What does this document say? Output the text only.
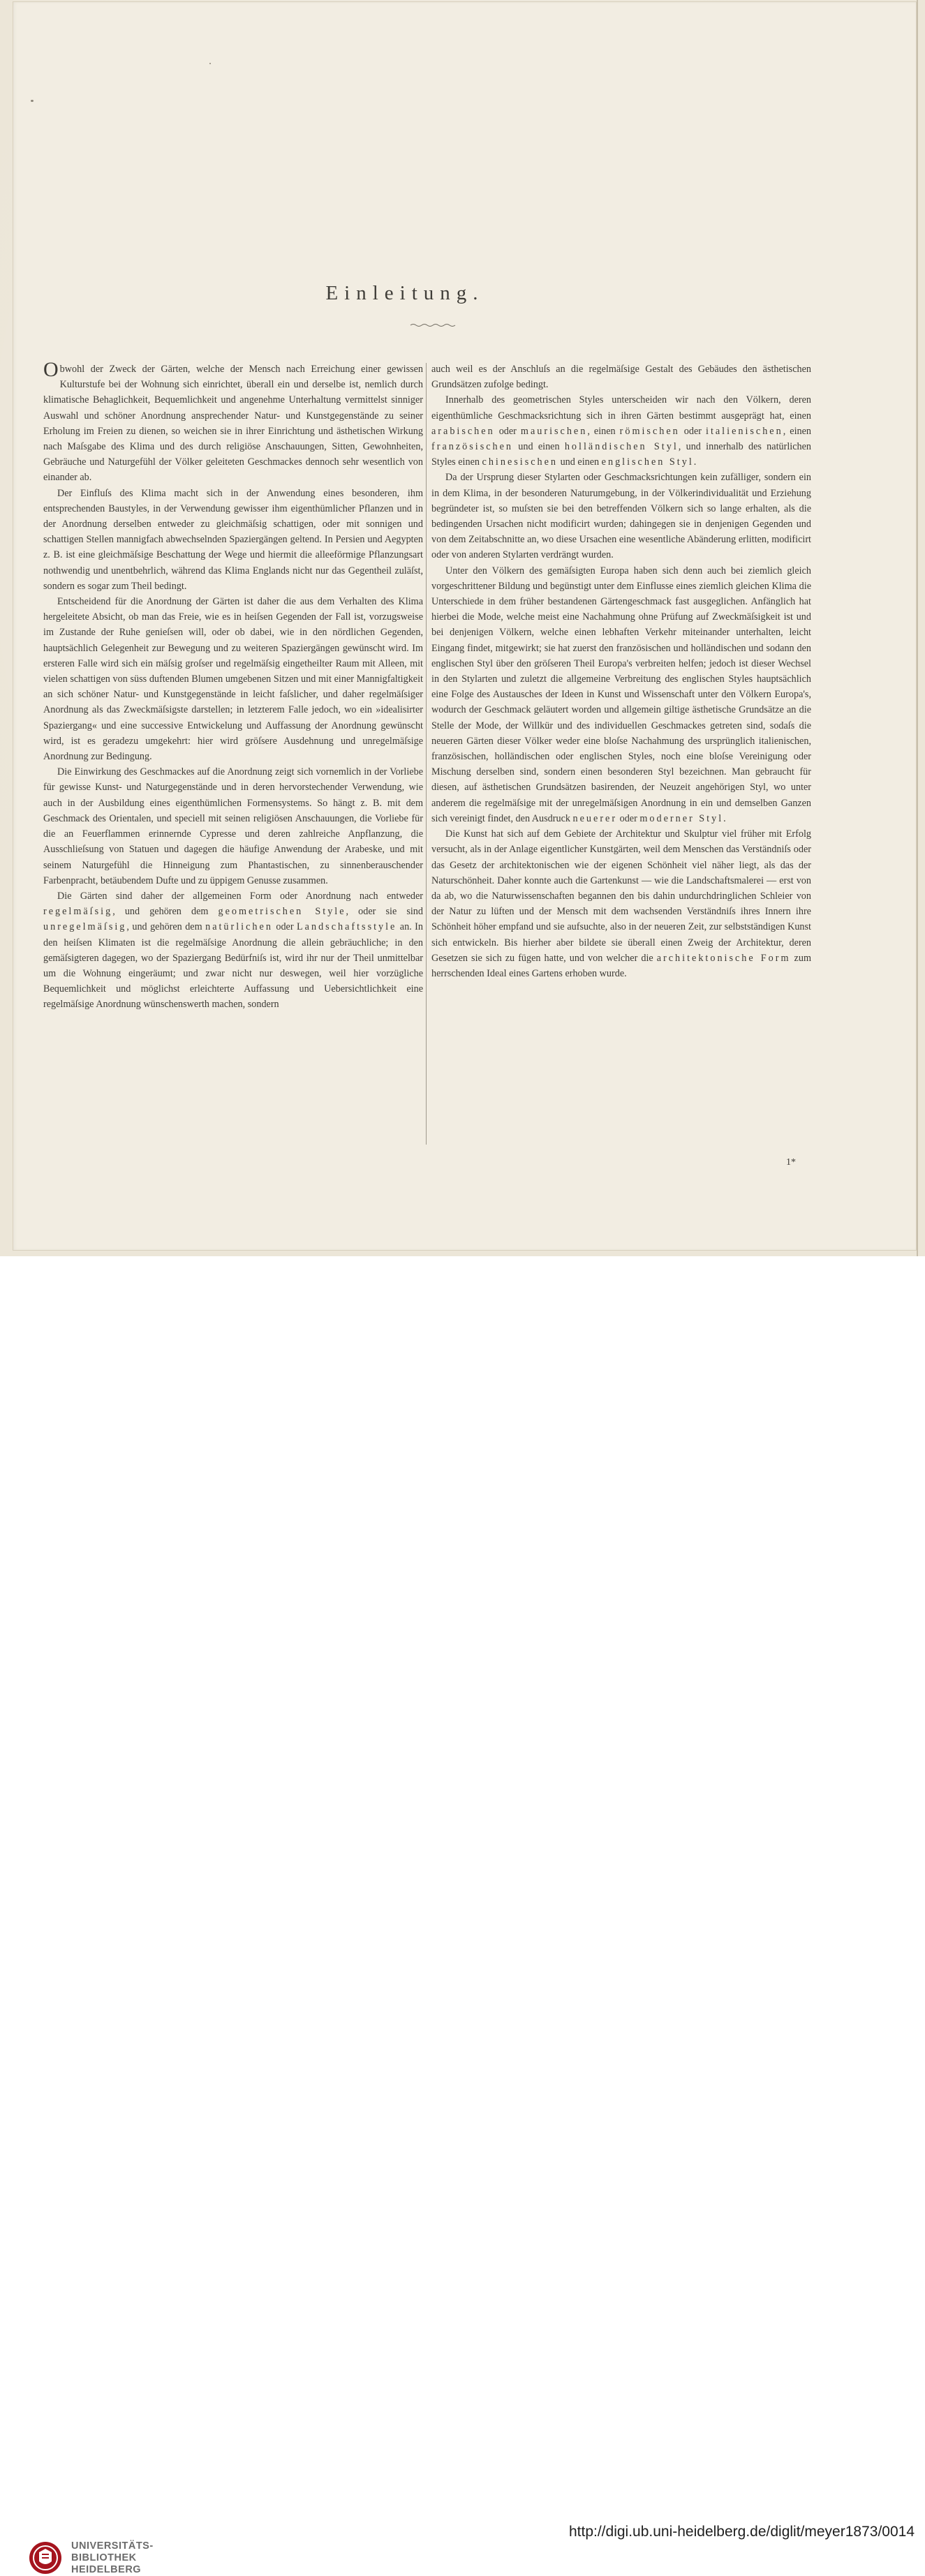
Einleitung.

Obwohl der Zweck der Gärten, welche der Mensch nach Erreichung einer gewissen Kulturstufe bei der Wohnung sich einrichtet, überall ein und derselbe ist, nemlich durch klimatische Behaglichkeit, Bequemlichkeit und angenehme Unterhaltung vermittelst sinniger Auswahl und schöner Anordnung ansprechender Natur- und Kunstgegenstände zu seiner Erholung im Freien zu dienen, so weichen sie in ihrer Einrichtung und ästhetischen Wirkung nach Maſsgabe des Klima und des durch religiöse Anschauungen, Sitten, Gewohnheiten, Gebräuche und Naturgefühl der Völker geleiteten Geschmackes dennoch sehr wesentlich von einander ab.

Der Einfluſs des Klima macht sich in der Anwendung eines besonderen, ihm entsprechenden Baustyles, in der Verwendung gewisser ihm eigenthümlicher Pflanzen und in der Anordnung derselben entweder zu gleichmäſsig schattigen, oder mit sonnigen und schattigen Stellen mannigfach abwechselnden Spaziergängen geltend. In Persien und Aegypten z. B. ist eine gleichmäſsige Beschattung der Wege und hiermit die alleeförmige Pflanzungsart nothwendig und unentbehrlich, während das Klima Englands nicht nur das Gegentheil zuläſst, sondern es sogar zum Theil bedingt.

Entscheidend für die Anordnung der Gärten ist daher die aus dem Verhalten des Klima hergeleitete Absicht, ob man das Freie, wie es in heiſsen Gegenden der Fall ist, vorzugsweise im Zustande der Ruhe genieſsen will, oder ob dabei, wie in den nördlichen Gegenden, hauptsächlich Gelegenheit zur Bewegung und zu weiteren Spaziergängen gewünscht wird. Im ersteren Falle wird sich ein mäſsig groſser und regelmäſsig eingetheilter Raum mit Alleen, mit vielen schattigen von süss duftenden Blumen umgebenen Sitzen und mit einer Mannigfaltigkeit an sich schöner Natur- und Kunstgegenstände in leicht faſslicher, und daher regelmäſsiger Anordnung als das Zweckmäſsigste darstellen; in letzterem Falle jedoch, wo ein »idealisirter Spaziergang« und eine successive Entwickelung und Auffassung der Anordnung gewünscht wird, ist es geradezu umgekehrt: hier wird gröſsere Ausdehnung und unregelmäſsige Anordnung zur Bedingung.

Die Einwirkung des Geschmackes auf die Anordnung zeigt sich vornemlich in der Vorliebe für gewisse Kunst- und Naturgegenstände und in deren hervorstechender Verwendung, wie auch in der Ausbildung eines eigenthümlichen Formensystems. So hängt z. B. mit dem Geschmack des Orientalen, und speciell mit seinen religiösen Anschauungen, die Vorliebe für die an Feuerflammen erinnernde Cypresse und deren zahlreiche Anpflanzung, die Ausschlieſsung von Statuen und dagegen die häufige Anwendung der Arabeske, und mit seinem Naturgefühl die Hinneigung zum Phantastischen, zu sinnenberauschender Farbenpracht, betäubendem Dufte und zu üppigem Genusse zusammen.

Die Gärten sind daher der allgemeinen Form oder Anordnung nach entweder regelmäſsig, und gehören dem geometrischen Style, oder sie sind unregelmäſsig, und gehören dem natürlichen oder Landschaftsstyle an. In den heiſsen Klimaten ist die regelmäſsige Anordnung die allein gebräuchliche; in den gemäſsigteren dagegen, wo der Spaziergang Bedürfniſs ist, wird ihr nur der Theil unmittelbar um die Wohnung eingeräumt; und zwar nicht nur deswegen, weil hier vorzügliche Bequemlichkeit und möglichst erleichterte Auffassung und Uebersichtlichkeit eine regelmäſsige Anordnung wünschenswerth machen, sondern

auch weil es der Anschluſs an die regelmäſsige Gestalt des Gebäudes den ästhetischen Grundsätzen zufolge bedingt.

Innerhalb des geometrischen Styles unterscheiden wir nach den Völkern, deren eigenthümliche Geschmacksrichtung sich in ihren Gärten bestimmt ausgeprägt hat, einen arabischen oder maurischen, einen römischen oder italienischen, einen französischen und einen holländischen Styl, und innerhalb des natürlichen Styles einen chinesischen und einen englischen Styl.

Da der Ursprung dieser Stylarten oder Geschmacksrichtungen kein zufälliger, sondern ein in dem Klima, in der besonderen Naturumgebung, in der Völkerindividualität und Erziehung begründeter ist, so muſsten sie bei den betreffenden Völkern sich so lange erhalten, als die bedingenden Ursachen nicht modificirt wurden; dahingegen sie in denjenigen Gegenden und von dem Zeitabschnitte an, wo diese Ursachen eine wesentliche Abänderung erlitten, modificirt oder von anderen Stylarten verdrängt wurden.

Unter den Völkern des gemäſsigten Europa haben sich denn auch bei ziemlich gleich vorgeschrittener Bildung und begünstigt unter dem Einflusse eines ziemlich gleichen Klima die Unterschiede in dem früher bestandenen Gärtengeschmack fast ausgeglichen. Anfänglich hat hierbei die Mode, welche meist eine Nachahmung ohne Prüfung auf Zweckmäſsigkeit ist und bei denjenigen Völkern, welche einen lebhaften Verkehr miteinander unterhalten, leicht Eingang findet, mitgewirkt; sie hat zuerst den französischen und holländischen und sodann den englischen Styl über den gröſseren Theil Europa's verbreiten helfen; jedoch ist dieser Wechsel in den Stylarten und zuletzt die allgemeine Verbreitung des englischen Styles hauptsächlich eine Folge des Austausches der Ideen in Kunst und Wissenschaft unter den Völkern Europa's, wodurch der Geschmack geläutert worden und allgemein giltige ästhetische Grundsätze an die Stelle der Mode, der Willkür und des individuellen Geschmackes getreten sind, sodaſs die neueren Gärten dieser Völker weder eine bloſse Nachahmung des ursprünglich italienischen, französischen, holländischen oder englischen Styles, noch eine bloſse Vereinigung oder Mischung derselben sind, sondern einen besonderen Styl bezeichnen. Man gebraucht für diesen, auf ästhetischen Grundsätzen basirenden, der Neuzeit angehörigen Styl, wo unter anderem die regelmäſsige mit der unregelmäſsigen Anordnung in ein und demselben Ganzen sich vereinigt findet, den Ausdruck neuerer oder moderner Styl.

Die Kunst hat sich auf dem Gebiete der Architektur und Skulptur viel früher mit Erfolg versucht, als in der Anlage eigentlicher Kunstgärten, weil dem Menschen das Verständniſs oder das Gesetz der architektonischen wie der eigenen Schönheit viel näher liegt, als das der Naturschönheit. Daher konnte auch die Gartenkunst — wie die Landschaftsmalerei — erst von da ab, wo die Naturwissenschaften begannen den bis dahin undurchdringlichen Schleier von der Natur zu lüften und der Mensch mit dem wachsenden Verständniſs ihres Innern ihre Schönheit höher empfand und sie aufsuchte, also in der neueren Zeit, zur selbstständigen Kunst sich entwickeln. Bis hierher aber bildete sie überall einen Zweig der Architektur, deren Gesetzen sie sich zu fügen hatte, und von welcher die architektonische Form zum herrschenden Ideal eines Gartens erhoben wurde.

1*
UNIVERSITÄTS-
BIBLIOTHEK
HEIDELBERG
http://digi.ub.uni-heidelberg.de/diglit/meyer1873/0014
